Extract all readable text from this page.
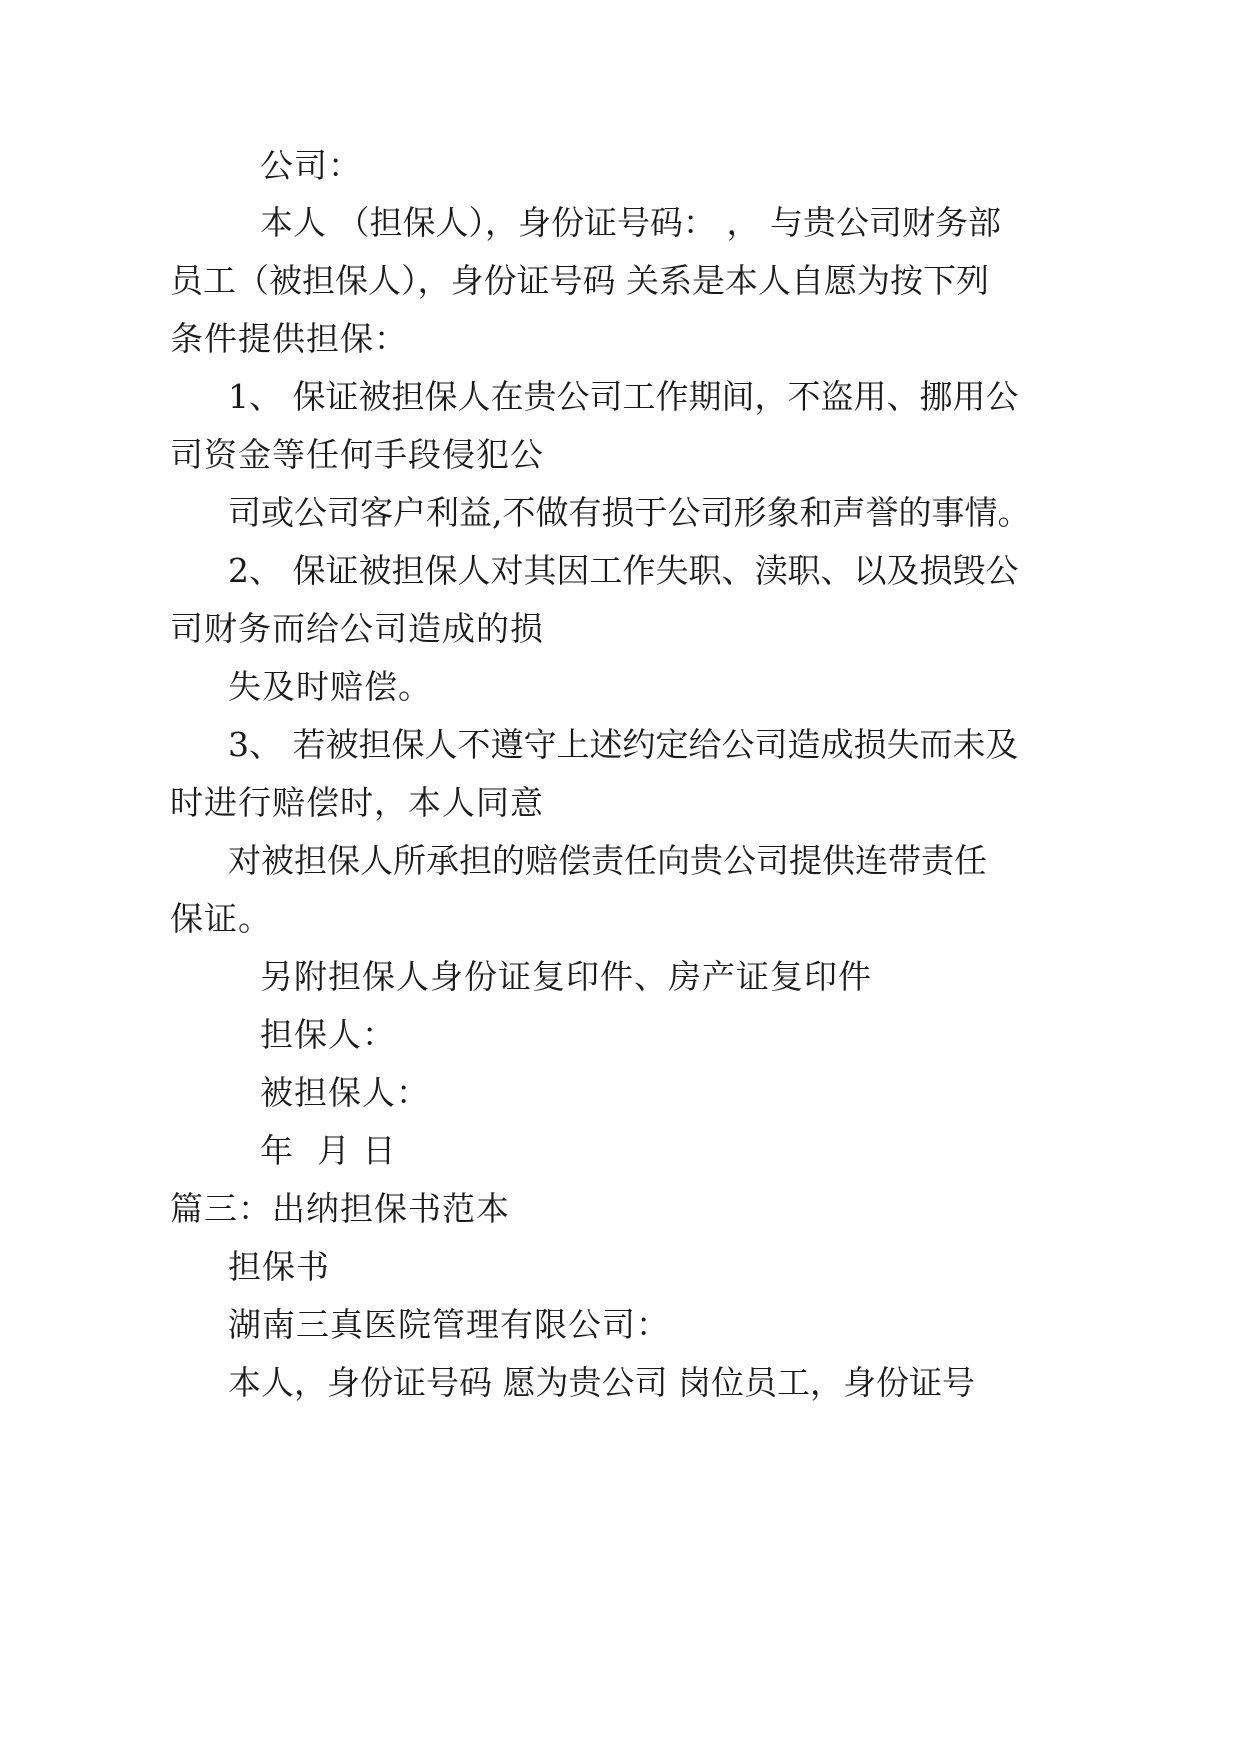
公司：
本人 （担保人），身份证号码： ， 与贵公司财务部
员工（被担保人），身份证号码 关系是本人自愿为按下列
条件提供担保：
1、 保证被担保人在贵公司工作期间，不盗用、挪用公
司资金等任何手段侵犯公
司或公司客户利益,不做有损于公司形象和声誉的事情。
2、 保证被担保人对其因工作失职、渎职、以及损毁公
司财务而给公司造成的损
失及时赔偿。
3、 若被担保人不遵守上述约定给公司造成损失而未及
时进行赔偿时，本人同意
对被担保人所承担的赔偿责任向贵公司提供连带责任
保证。
另附担保人身份证复印件、房产证复印件
担保人：
被担保人：
年  月 日
篇三：出纳担保书范本
担保书
湖南三真医院管理有限公司：
本人，身份证号码 愿为贵公司 岗位员工，身份证号
